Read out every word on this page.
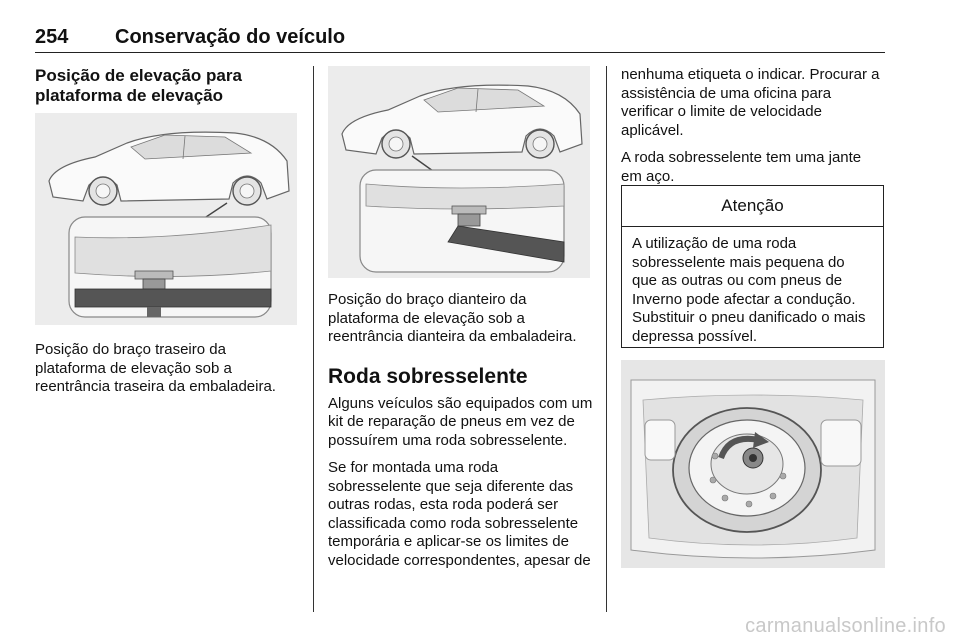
254 Conservação do veículo
Posição de elevação para plataforma de elevação

Posição do braço traseiro da plataforma de elevação sob a reentrância traseira da embaladeira.

Posição do braço dianteiro da plataforma de elevação sob a reentrância dianteira da embaladeira.

Roda sobresselente

Alguns veículos são equipados com um kit de reparação de pneus em vez de possuírem uma roda sobresselente.

Se for montada uma roda sobresselente que seja diferente das outras rodas, esta roda poderá ser classificada como roda sobresselente temporária e aplicar-se os limites de velocidade correspondentes, apesar de

nenhuma etiqueta o indicar. Procurar a assistência de uma oficina para verificar o limite de velocidade aplicável.

A roda sobresselente tem uma jante em aço.

Atenção
A utilização de uma roda sobresselente mais pequena do que as outras ou com pneus de Inverno pode afectar a condução. Substituir o pneu danificado o mais depressa possível.
carmanualsonline.info
